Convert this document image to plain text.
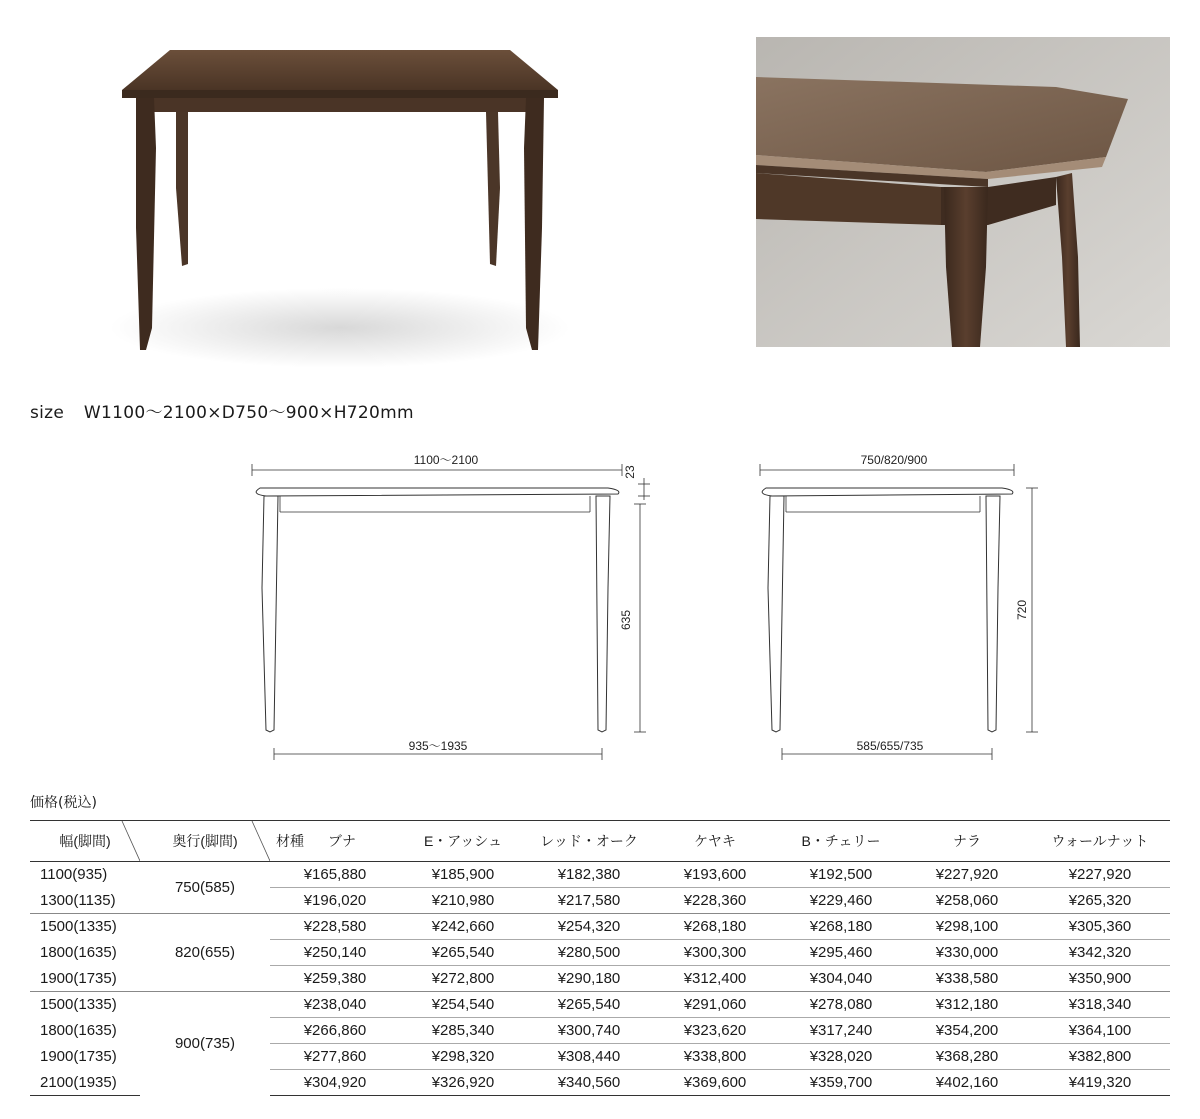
size W1100〜2100×D750〜900×H720mm
1100〜2100
23
635
935〜1935
750/820/900
720
585/655/735
価格(税込)
幅(脚間)	奥行(脚間)	材種 ブナ	E・アッシュ	レッド・オーク	ケヤキ	B・チェリー	ナラ	ウォールナット
1100(935)	750(585)	¥165,880	¥185,900	¥182,380	¥193,600	¥192,500	¥227,920	¥227,920
1300(1135)		¥196,020	¥210,980	¥217,580	¥228,360	¥229,460	¥258,060	¥265,320
1500(1335)	820(655)	¥228,580	¥242,660	¥254,320	¥268,180	¥268,180	¥298,100	¥305,360
1800(1635)		¥250,140	¥265,540	¥280,500	¥300,300	¥295,460	¥330,000	¥342,320
1900(1735)		¥259,380	¥272,800	¥290,180	¥312,400	¥304,040	¥338,580	¥350,900
1500(1335)	900(735)	¥238,040	¥254,540	¥265,540	¥291,060	¥278,080	¥312,180	¥318,340
1800(1635)		¥266,860	¥285,340	¥300,740	¥323,620	¥317,240	¥354,200	¥364,100
1900(1735)		¥277,860	¥298,320	¥308,440	¥338,800	¥328,020	¥368,280	¥382,800
2100(1935)		¥304,920	¥326,920	¥340,560	¥369,600	¥359,700	¥402,160	¥419,320
